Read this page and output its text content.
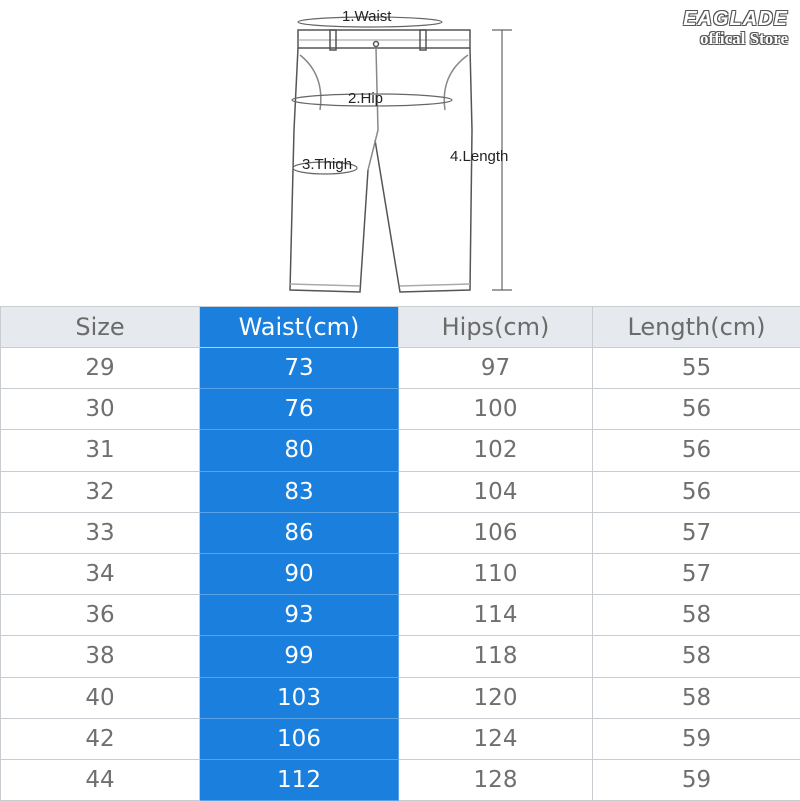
EAGLADE
offical Store
1.Waist
2.Hip
3.Thigh	4.Length
Size	Waist(cm)	Hips(cm)	Length(cm)
29	73	97	55
30	76	100	56
31	80	102	56
32	83	104	56
33	86	106	57
34	90	110	57
36	93	114	58
38	99	118	58
40	103	120	58
42	106	124	59
44	112	128	59
